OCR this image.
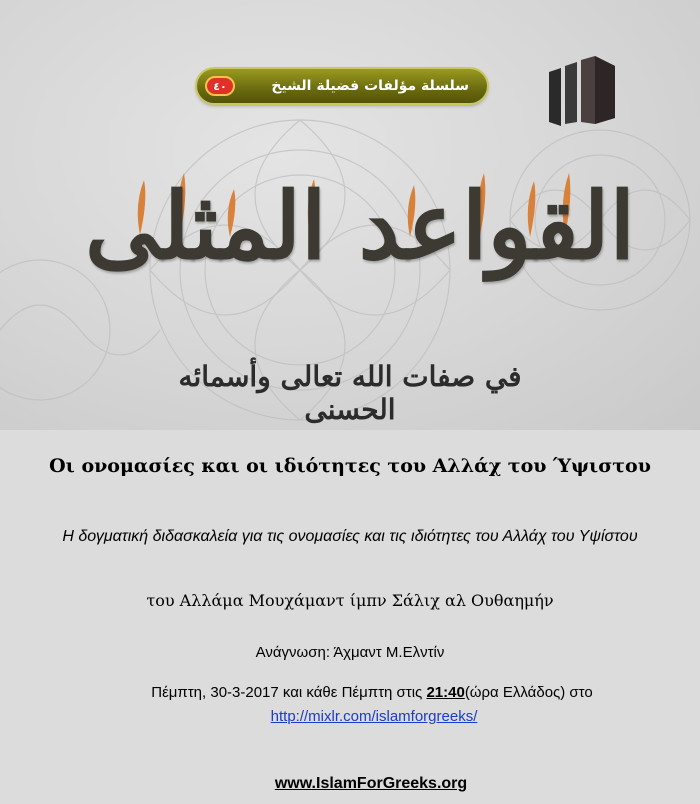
٤٠	سلسلة مؤلفات فضيلة الشيخ
القواعد المثلى
في صفات الله تعالى وأسمائه الحسنى
Οι ονομασίες και οι ιδιότητες του Αλλάχ του Ύψιστου
Η δογματική διδασκαλεία για τις ονομασίες και τις ιδιότητες του Αλλάχ του Υψίστου
του Αλλάμα Μουχάμαντ ίμπν Σάλιχ αλ Ουθαημήν
Ανάγνωση: Άχμαντ Μ.Ελντίν
Πέμπτη, 30-3-2017 και κάθε Πέμπτη στις 21:40(ώρα Ελλάδος) στο
http://mixlr.com/islamforgreeks/
www.IslamForGreeks.org
